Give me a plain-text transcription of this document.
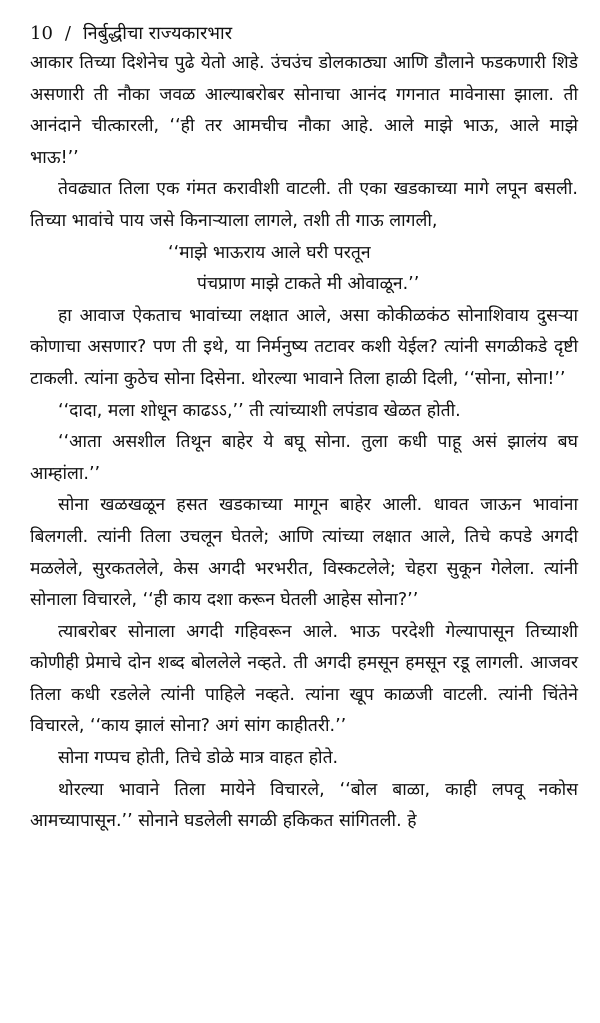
10 / निर्बुद्धीचा राज्यकारभार

आकार तिच्या दिशेनेच पुढे येतो आहे. उंचउंच डोलकाठ्या आणि डौलाने फडकणारी शिडे असणारी ती नौका जवळ आल्याबरोबर सोनाचा आनंद गगनात मावेनासा झाला. ती आनंदाने चीत्कारली, ‘‘ही तर आमचीच नौका आहे. आले माझे भाऊ, आले माझे भाऊ!’’

तेवढ्यात तिला एक गंमत करावीशी वाटली. ती एका खडकाच्या मागे लपून बसली. तिच्या भावांचे पाय जसे किनाऱ्याला लागले, तशी ती गाऊ लागली,

‘‘माझे भाऊराय आले घरी परतून
पंचप्राण माझे टाकते मी ओवाळून.’’

हा आवाज ऐकताच भावांच्या लक्षात आले, असा कोकीळकंठ सोनाशिवाय दुसऱ्या कोणाचा असणार? पण ती इथे, या निर्मनुष्य तटावर कशी येईल? त्यांनी सगळीकडे दृष्टी टाकली. त्यांना कुठेच सोना दिसेना. थोरल्या भावाने तिला हाळी दिली, ‘‘सोना, सोना!’’

‘‘दादा, मला शोधून काढऽऽ,’’ ती त्यांच्याशी लपंडाव खेळत होती.

‘‘आता असशील तिथून बाहेर ये बघू सोना. तुला कधी पाहू असं झालंय बघ आम्हांला.’’

सोना खळखळून हसत खडकाच्या मागून बाहेर आली. धावत जाऊन भावांना बिलगली. त्यांनी तिला उचलून घेतले; आणि त्यांच्या लक्षात आले, तिचे कपडे अगदी मळलेले, सुरकतलेले, केस अगदी भरभरीत, विस्कटलेले; चेहरा सुकून गेलेला. त्यांनी सोनाला विचारले, ‘‘ही काय दशा करून घेतली आहेस सोना?’’

त्याबरोबर सोनाला अगदी गहिवरून आले. भाऊ परदेशी गेल्यापासून तिच्याशी कोणीही प्रेमाचे दोन शब्द बोललेले नव्हते. ती अगदी हमसून हमसून रडू लागली. आजवर तिला कधी रडलेले त्यांनी पाहिले नव्हते. त्यांना खूप काळजी वाटली. त्यांनी चिंतेने विचारले, ‘‘काय झालं सोना? अगं सांग काहीतरी.’’

सोना गप्पच होती, तिचे डोळे मात्र वाहत होते.

थोरल्या भावाने तिला मायेने विचारले, ‘‘बोल बाळा, काही लपवू नकोस आमच्यापासून.’’ सोनाने घडलेली सगळी हकिकत सांगितली. हे
